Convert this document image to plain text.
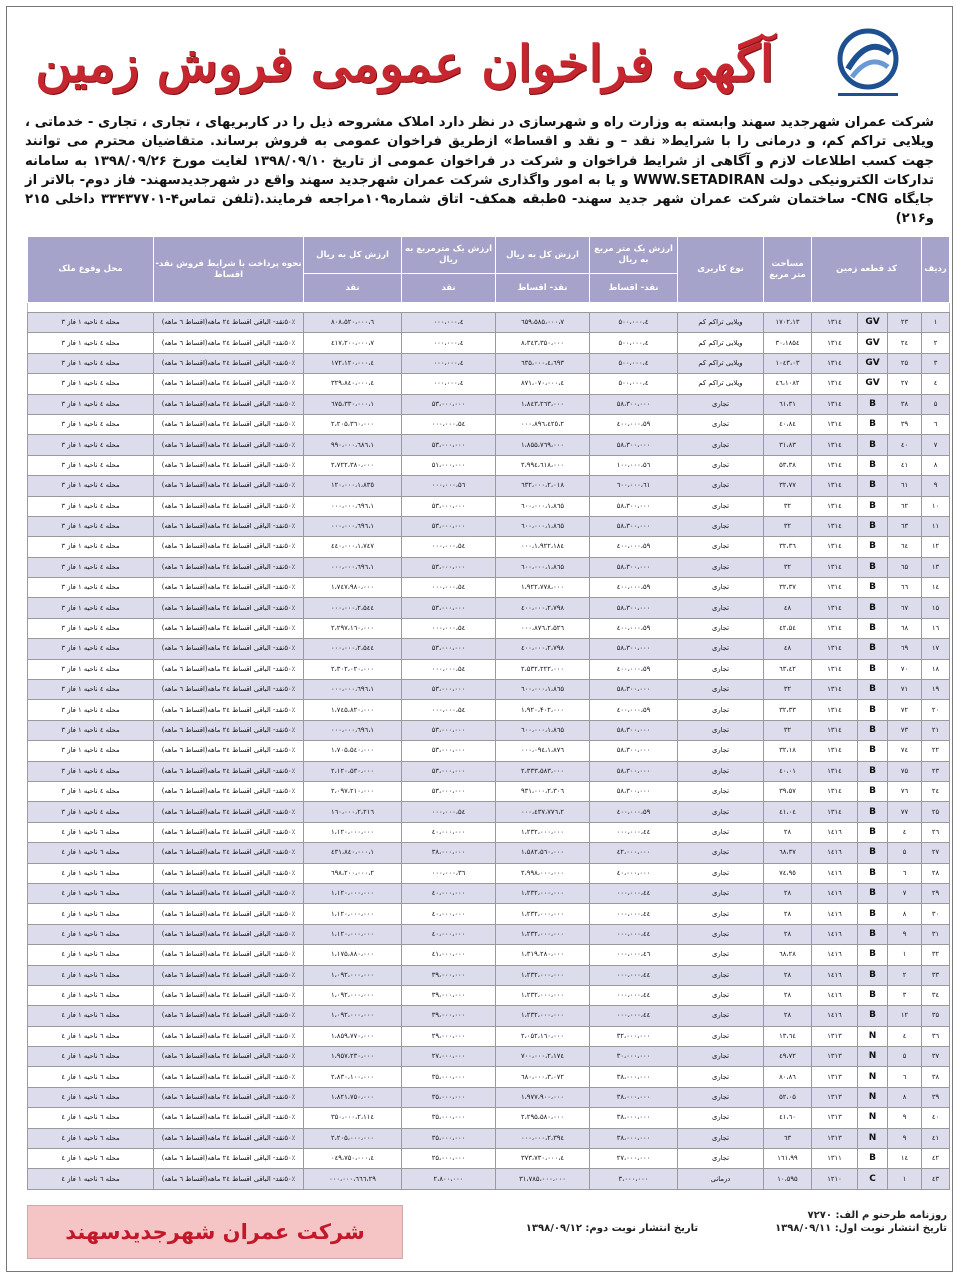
آگهی فراخوان عمومی فروش زمین
شرکت عمران شهرجدید سهند وابسته به وزارت راه و شهرسازی در نظر دارد املاک مشروحه ذیل را در کاربریهای ، تجاری ، تجاری - خدماتی ، ویلایی تراکم کم، و درمانی را با شرایط« نقد – و نقد و اقساط» ازطریق فراخوان عمومی به فروش برساند. متقاضیان محترم می توانند جهت کسب اطلاعات لازم و آگاهی از شرایط فراخوان و شرکت در فراخوان عمومی از تاریخ ۱۳۹۸/۰۹/۱۰ لغایت مورخ ۱۳۹۸/۰۹/۲۶ به سامانه تدارکات الکترونیکی دولت WWW.SETADIRAN و یا به امور واگذاری شرکت عمران شهرجدید سهند واقع در شهرجدیدسهند- فاز دوم- بالاتر از جایگاه CNG- ساختمان شرکت عمران شهر جدید سهند- ۵طبقه همکف- اتاق شماره۱۰۹مراجعه فرمایند.(تلفن تماس۴-۳۳۴۳۷۷۰۱ داخلی ۲۱۵ و۲۱۶)
ردیف	کد قطعه زمین			مساحت متر مربع	نوع کاربری	ارزش یک متر مربع به ریال	ارزش کل به ریال	ارزش یک مترمربع به ریال	ارزش کل به ریال	نحوه پرداخت با شرایط فروش نقد-اقساط	محل وقوع ملک
						نقد- اقساط	نقد- اقساط	نقد	نقد		

۱	۲۳	GV	۱۳۱٤	۱۷۰۲،۱۳	ویلایی تراکم کم	٤،۵۰۰،۰۰۰	۷،٦۵۹،۵۸۵،۰۰۰	٤،۰۰۰،۰۰۰	٦،۸۰۸،۵۲۰،۰۰۰	۵۰٪نقد- الباقی اقساط ۲٤ ماهه(اقساط ٦ ماهه)	محله ٤ ناحیه ۱ فاز ۳
۲	۲٤	GV	۱۳۱٤	۱۸۵٤،۳۰	ویلایی تراکم کم	٤،۵۰۰،۰۰۰	۸،۳٤۳،۳۵۰،۰۰۰	٤،۰۰۰،۰۰۰	۷،٤۱۷،۲۰۰،۰۰۰	۵۰٪نقد- الباقی اقساط ۲٤ ماهه(اقساط ٦ ماهه)	محله ٤ ناحیه ۱ فاز ۳
۳	۲۵	GV	۱۳۱٤	۱۰٤۳،۰۳	ویلایی تراکم کم	٤،۵۰۰،۰۰۰	٤،٦۹۳،٦۳۵،۰۰۰	٤،۰۰۰،۰۰۰	٤،۱۷۲،۱۲۰،۰۰۰	۵۰٪نقد- الباقی اقساط ۲٤ ماهه(اقساط ٦ ماهه)	محله ٤ ناحیه ۱ فاز ۳
٤	۲۷	GV	۱۳۱٤	۱۰۸۲،٤٦	ویلایی تراکم کم	٤،۵۰۰،۰۰۰	٤،۸۷۱،۰۷۰،۰۰۰	٤،۰۰۰،۰۰۰	٤،۳۲۹،۸٤۰،۰۰۰	۵۰٪نقد- الباقی اقساط ۲٤ ماهه(اقساط ٦ ماهه)	محله ٤ ناحیه ۱ فاز ۳
۵	۳۸	B	۱۳۱٤	۳۱،٦۱	تجاری	۵۸،۳۰۰،۰۰۰	۱،۸٤۳،۲٦۳،۰۰۰	۵۳،۰۰۰،۰۰۰	۱،٦۷۵،۳۳۰،۰۰۰	۵۰٪نقد- الباقی اقساط ۲٤ ماهه(اقساط ٦ ماهه)	محله ٤ ناحیه ۱ فاز ۳
٦	۳۹	B	۱۳۱٤	٤۰،۸٤	تجاری	۵۹،٤۰۰،۰۰۰	۲،٤۲٥،۸۹٦،۰۰۰	۵٤،۰۰۰،۰۰۰	۲،۲۰۵،۳٦۰،۰۰۰	۵۰٪نقد- الباقی اقساط ۲٤ ماهه(اقساط ٦ ماهه)	محله ٤ ناحیه ۱ فاز ۳
۷	٤۰	B	۱۳۱٤	۳۱،۸۳	تجاری	۵۸،۳۰۰،۰۰۰	۱،۸۵۵،۷٦۹،۰۰۰	۵۳،۰۰۰،۰۰۰	۱،٦۸٦،۹۹۰،۰۰۰	۵۰٪نقد- الباقی اقساط ۲٤ ماهه(اقساط ٦ ماهه)	محله ٤ ناحیه ۱ فاز ۳
۸	٤۱	B	۱۳۱٤	۵۳،۳۸	تجاری	۵٦،۱۰۰،۰۰۰	۲،۹۹٤،٦۱۸،۰۰۰	۵۱،۰۰۰،۰۰۰	۲،۷۲۲،۳۸۰،۰۰۰	۵۰٪نقد- الباقی اقساط ۲٤ ماهه(اقساط ٦ ماهه)	محله ٤ ناحیه ۱ فاز ۳
۹	٦۱	B	۱۳۱٤	۳۲،۷۷	تجاری	٦۱،٦۰۰،۰۰۰	۲،۰۱۸،٦۳۲،۰۰۰	۵٦،۰۰۰،۰۰۰	۱،۸۳٥،۱۲۰،۰۰۰	۵۰٪نقد- الباقی اقساط ۲٤ ماهه(اقساط ٦ ماهه)	محله ٤ ناحیه ۱ فاز ۳
۱۰	٦۲	B	۱۳۱٤	۳۲	تجاری	۵۸،۳۰۰،۰۰۰	۱،۸٦۵،٦۰۰،۰۰۰	۵۳،۰۰۰،۰۰۰	۱،٦۹٦،۰۰۰،۰۰۰	۵۰٪نقد- الباقی اقساط ۲٤ ماهه(اقساط ٦ ماهه)	محله ٤ ناحیه ۱ فاز ۳
۱۱	٦۳	B	۱۳۱٤	۳۲	تجاری	۵۸،۳۰۰،۰۰۰	۱،۸٦۵،٦۰۰،۰۰۰	۵۳،۰۰۰،۰۰۰	۱،٦۹٦،۰۰۰،۰۰۰	۵۰٪نقد- الباقی اقساط ۲٤ ماهه(اقساط ٦ ماهه)	محله ٤ ناحیه ۱ فاز ۳
۱۲	٦٤	B	۱۳۱٤	۳۲،۳٦	تجاری	۵۹،٤۰۰،۰۰۰	۱،۹۲۲،۱۸٤،۰۰۰	۵٤،۰۰۰،۰۰۰	۱،۷٤۷،٤٤۰،۰۰۰	۵۰٪نقد- الباقی اقساط ۲٤ ماهه(اقساط ٦ ماهه)	محله ٤ ناحیه ۱ فاز ۳
۱۳	٦۵	B	۱۳۱٤	۳۲	تجاری	۵۸،۳۰۰،۰۰۰	۱،۸٦۵،٦۰۰،۰۰۰	۵۳،۰۰۰،۰۰۰	۱،٦۹٦،۰۰۰،۰۰۰	۵۰٪نقد- الباقی اقساط ۲٤ ماهه(اقساط ٦ ماهه)	محله ٤ ناحیه ۱ فاز ۳
۱٤	٦٦	B	۱۳۱٤	۳۲،۳۷	تجاری	۵۹،٤۰۰،۰۰۰	۱،۹۲۲،۷۷۸،۰۰۰	۵٤،۰۰۰،۰۰۰	۱،۷٤۷،۹۸۰،۰۰۰	۵۰٪نقد- الباقی اقساط ۲٤ ماهه(اقساط ٦ ماهه)	محله ٤ ناحیه ۱ فاز ۳
۱۵	٦۷	B	۱۳۱٤	٤۸	تجاری	۵۸،۳۰۰،۰۰۰	۲،۷۹۸،٤۰۰،۰۰۰	۵۳،۰۰۰،۰۰۰	۲،۵٤٤،۰۰۰،۰۰۰	۵۰٪نقد- الباقی اقساط ۲٤ ماهه(اقساط ٦ ماهه)	محله ٤ ناحیه ۱ فاز ۳
۱٦	٦۸	B	۱۳۱٤	٤۲،۵٤	تجاری	۵۹،٤۰۰،۰۰۰	۲،۵۲٦،۸۷٦،۰۰۰	۵٤،۰۰۰،۰۰۰	۲،۲۹۷،۱٦۰،۰۰۰	۵۰٪نقد- الباقی اقساط ۲٤ ماهه(اقساط ٦ ماهه)	محله ٤ ناحیه ۱ فاز ۳
۱۷	٦۹	B	۱۳۱٤	٤۸	تجاری	۵۸،۳۰۰،۰۰۰	۲،۷۹۸،٤۰۰،۰۰۰	۵۳،۰۰۰،۰۰۰	۲،۵٤٤،۰۰۰،۰۰۰	۵۰٪نقد- الباقی اقساط ۲٤ ماهه(اقساط ٦ ماهه)	محله ٤ ناحیه ۱ فاز ۳
۱۸	۷۰	B	۱۳۱٤	٤۲،٦۳	تجاری	۵۹،٤۰۰،۰۰۰	۲،۵۳۲،۲۲۲،۰۰۰	۵٤،۰۰۰،۰۰۰	۲،۳۰۲،۰۲۰،۰۰۰	۵۰٪نقد- الباقی اقساط ۲٤ ماهه(اقساط ٦ ماهه)	محله ٤ ناحیه ۱ فاز ۳
۱۹	۷۱	B	۱۳۱٤	۳۲	تجاری	۵۸،۳۰۰،۰۰۰	۱،۸٦۵،٦۰۰،۰۰۰	۵۳،۰۰۰،۰۰۰	۱،٦۹٦،۰۰۰،۰۰۰	۵۰٪نقد- الباقی اقساط ۲٤ ماهه(اقساط ٦ ماهه)	محله ٤ ناحیه ۱ فاز ۳
۲۰	۷۲	B	۱۳۱٤	۳۲،۳۳	تجاری	۵۹،٤۰۰،۰۰۰	۱،۹۲۰،۴۰۲،۰۰۰	۵٤،۰۰۰،۰۰۰	۱،۷٤۵،۸۲۰،۰۰۰	۵۰٪نقد- الباقی اقساط ۲٤ ماهه(اقساط ٦ ماهه)	محله ٤ ناحیه ۱ فاز ۳
۲۱	۷۳	B	۱۳۱٤	۳۲	تجاری	۵۸،۳۰۰،۰۰۰	۱،۸٦۵،٦۰۰،۰۰۰	۵۳،۰۰۰،۰۰۰	۱،٦۹٦،۰۰۰،۰۰۰	۵۰٪نقد- الباقی اقساط ۲٤ ماهه(اقساط ٦ ماهه)	محله ٤ ناحیه ۱ فاز ۳
۲۲	۷٤	B	۱۳۱٤	۳۲،۱۸	تجاری	۵۸،۳۰۰،۰۰۰	۱،۸۷٦،۰۹٤،۰۰۰	۵۳،۰۰۰،۰۰۰	۱،۷۰۵،۵٤۰،۰۰۰	۵۰٪نقد- الباقی اقساط ۲٤ ماهه(اقساط ٦ ماهه)	محله ٤ ناحیه ۱ فاز ۳
۲۳	۷۵	B	۱۳۱٤	٤۰،۰۱	تجاری	۵۸،۳۰۰،۰۰۰	۲،۳۳۳،۵۸۳،۰۰۰	۵۳،۰۰۰،۰۰۰	۲،۱۲۰،۵۳۰،۰۰۰	۵۰٪نقد- الباقی اقساط ۲٤ ماهه(اقساط ٦ ماهه)	محله ٤ ناحیه ۱ فاز ۳
۲٤	۷٦	B	۱۳۱٤	۳۹،۵۷	تجاری	۵۸،۳۰۰،۰۰۰	۲،۳۰٦،۹۳۱،۰۰۰	۵۳،۰۰۰،۰۰۰	۲،۰۹۷،۲۱۰،۰۰۰	۵۰٪نقد- الباقی اقساط ۲٤ ماهه(اقساط ٦ ماهه)	محله ٤ ناحیه ۱ فاز ۳
۲۵	۷۷	B	۱۳۱٤	٤۱،۰٤	تجاری	۵۹،٤۰۰،۰۰۰	۲،٤۳۷،۷۷٦،۰۰۰	۵٤،۰۰۰،۰۰۰	۲،۲۱٦،۱٦۰،۰۰۰	۵۰٪نقد- الباقی اقساط ۲٤ ماهه(اقساط ٦ ماهه)	محله ٤ ناحیه ۱ فاز ۳
۲٦	٤	B	۱٤۱٦	۲۸	تجاری	٤٤،۰۰۰،۰۰۰	۱،۲۳۲،۰۰۰،۰۰۰	٤۰،۰۰۰،۰۰۰	۱،۱۲۰،۰۰۰،۰۰۰	۵۰٪نقد- الباقی اقساط ۲٤ ماهه(اقساط ٦ ماهه)	محله ٦ ناحیه ۱ فاز ٤
۲۷	۵	B	۱٤۱٦	۳۷،٦۸	تجاری	٤۲،۰۰۰،۰۰۰	۱،۵۸۲،۵٦۰،۰۰۰	۳۸،۰۰۰،۰۰۰	۱،٤۳۱،۸٤۰،۰۰۰	۵۰٪نقد- الباقی اقساط ۲٤ ماهه(اقساط ٦ ماهه)	محله ٦ ناحیه ۱ فاز ٤
۲۸	٦	B	۱٤۱٦	۷٤،٩٥	تجاری	٤۰،۰۰۰،۰۰۰	۲،۹۹۸،۰۰۰،۰۰۰	۳٦،۰۰۰،۰۰۰	۲،٦۹۸،۲۰۰،۰۰۰	۵۰٪نقد- الباقی اقساط ۲٤ ماهه(اقساط ٦ ماهه)	محله ٦ ناحیه ۱ فاز ٤
۲۹	۷	B	۱٤۱٦	۲۸	تجاری	٤٤،۰۰۰،۰۰۰	۱،۲۳۲،۰۰۰،۰۰۰	٤۰،۰۰۰،۰۰۰	۱،۱۲۰،۰۰۰،۰۰۰	۵۰٪نقد- الباقی اقساط ۲٤ ماهه(اقساط ٦ ماهه)	محله ٦ ناحیه ۱ فاز ٤
۳۰	۸	B	۱٤۱٦	۲۸	تجاری	٤٤،۰۰۰،۰۰۰	۱،۲۳۲،۰۰۰،۰۰۰	٤۰،۰۰۰،۰۰۰	۱،۱۲۰،۰۰۰،۰۰۰	۵۰٪نقد- الباقی اقساط ۲٤ ماهه(اقساط ٦ ماهه)	محله ٦ ناحیه ۱ فاز ٤
۳۱	۹	B	۱٤۱٦	۲۸	تجاری	٤٤،۰۰۰،۰۰۰	۱،۲۳۲،۰۰۰،۰۰۰	٤۰،۰۰۰،۰۰۰	۱،۱۲۰،۰۰۰،۰۰۰	۵۰٪نقد- الباقی اقساط ۲٤ ماهه(اقساط ٦ ماهه)	محله ٦ ناحیه ۱ فاز ٤
۳۲	۱	B	۱٤۱٦	۲۸،٦۸	تجاری	٤٦،۰۰۰،۰۰۰	۱،۳۱۹،۲۸۰،۰۰۰	٤۱،۰۰۰،۰۰۰	۱،۱۷۵،۸۸۰،۰۰۰	۵۰٪نقد- الباقی اقساط ۲٤ ماهه(اقساط ٦ ماهه)	محله ٦ ناحیه ۱ فاز ٤
۳۳	۲	B	۱٤۱٦	۲۸	تجاری	٤٤،۰۰۰،۰۰۰	۱،۲۳۲،۰۰۰،۰۰۰	۳۹،۰۰۰،۰۰۰	۱،۰۹۲،۰۰۰،۰۰۰	۵۰٪نقد- الباقی اقساط ۲٤ ماهه(اقساط ٦ ماهه)	محله ٦ ناحیه ۱ فاز ٤
۳٤	۳	B	۱٤۱٦	۲۸	تجاری	٤٤،۰۰۰،۰۰۰	۱،۲۳۲،۰۰۰،۰۰۰	۳۹،۰۰۰،۰۰۰	۱،۰۹۲،۰۰۰،۰۰۰	۵۰٪نقد- الباقی اقساط ۲٤ ماهه(اقساط ٦ ماهه)	محله ٦ ناحیه ۱ فاز ٤
۳۵	۱۲	B	۱٤۱٦	۲۸	تجاری	٤٤،۰۰۰،۰۰۰	۱،۲۳۲،۰۰۰،۰۰۰	۳۹،۰۰۰،۰۰۰	۱،۰۹۲،۰۰۰،۰۰۰	۵۰٪نقد- الباقی اقساط ۲٤ ماهه(اقساط ٦ ماهه)	محله ٦ ناحیه ۱ فاز ٤
۳٦	٤	N	۱۳۱۳	٦٤،۱۳	تجاری	۳۲،۰۰۰،۰۰۰	۲،۰۵۲،۱٦۰،۰۰۰	۲۹،۰۰۰،۰۰۰	۱،۸۵۹،۷۷۰،۰۰۰	۵۰٪نقد- الباقی اقساط ۲٤ ماهه(اقساط ٦ ماهه)	محله ٦ ناحیه ۱ فاز ٤
۳۷	۵	N	۱۳۱۳	۷۲،٤۹	تجاری	۳۰،۰۰۰،۰۰۰	۲،۱۷٤،۷۰۰،۰۰۰	۲۷،۰۰۰،۰۰۰	۱،۹۵۷،۲۳۰،۰۰۰	۵۰٪نقد- الباقی اقساط ۲٤ ماهه(اقساط ٦ ماهه)	محله ٦ ناحیه ۱ فاز ٤
۳۸	٦	N	۱۳۱۳	۸۰،۸٦	تجاری	۳۸،۰۰۰،۰۰۰	۳،۰۷۲،٦۸۰،۰۰۰	۳۵،۰۰۰،۰۰۰	۲،۸۳۰،۱۰۰،۰۰۰	۵۰٪نقد- الباقی اقساط ۲٤ ماهه(اقساط ٦ ماهه)	محله ٦ ناحیه ۱ فاز ٤
۳۹	۸	N	۱۳۱۳	۵۲،۰۵	تجاری	۳۸،۰۰۰،۰۰۰	۱،۹۷۷،۹۰۰،۰۰۰	۳۵،۰۰۰،۰۰۰	۱،۸۲۱،۷۵۰،۰۰۰	۵۰٪نقد- الباقی اقساط ۲٤ ماهه(اقساط ٦ ماهه)	محله ٦ ناحیه ۱ فاز ٤
٤۰	۹	N	۱۳۱۳	٦۰،٤۱	تجاری	۳۸،۰۰۰،۰۰۰	۲،۲۹۵،۵۸۰،۰۰۰	۳۵،۰۰۰،۰۰۰	۲،۱۱٤،۳۵۰،۰۰۰	۵۰٪نقد- الباقی اقساط ۲٤ ماهه(اقساط ٦ ماهه)	محله ٦ ناحیه ۱ فاز ٤
٤۱	۹	N	۱۳۱۳	٦۳	تجاری	۳۸،۰۰۰،۰۰۰	۲،۳۹٤،۰۰۰،۰۰۰	۳۵،۰۰۰،۰۰۰	۲،۲۰۵،۰۰۰،۰۰۰	۵۰٪نقد- الباقی اقساط ۲٤ ماهه(اقساط ٦ ماهه)	محله ٦ ناحیه ۱ فاز ٤
٤۲	۱٤	B	۱۳۱۱	۱٦۱،۹۹	تجاری	۲۷،۰۰۰،۰۰۰	٤،۳۷۳،۷۳۰،۰۰۰	۲۵،۰۰۰،۰۰۰	٤،۰٤۹،۷۵۰،۰۰۰	۵۰٪نقد- الباقی اقساط ۲٤ ماهه(اقساط ٦ ماهه)	محله ٦ ناحیه ۱ فاز ٤
٤۳	۱	C	۱۲۱۰	۱۰،۵۹۵	درمانی	۳،۰۰۰،۰۰۰	۳۱،۷۸۵،۰۰۰،۰۰۰	۲،۸۰۰،۰۰۰	۲۹،٦٦٦،۰۰۰،۰۰۰	۵۰٪نقد- الباقی اقساط ۲٤ ماهه(اقساط ٦ ماهه)	محله ٦ ناحیه ۱ فاز ٤
شرکت عمران شهرجدیدسهند
روزنامه طرحنو م الف: ۷۲۷۰
تاریخ انتشار نوبت اول: ۱۳۹۸/۰۹/۱۱  تاریخ انتشار نوبت دوم: ۱۳۹۸/۰۹/۱۲
